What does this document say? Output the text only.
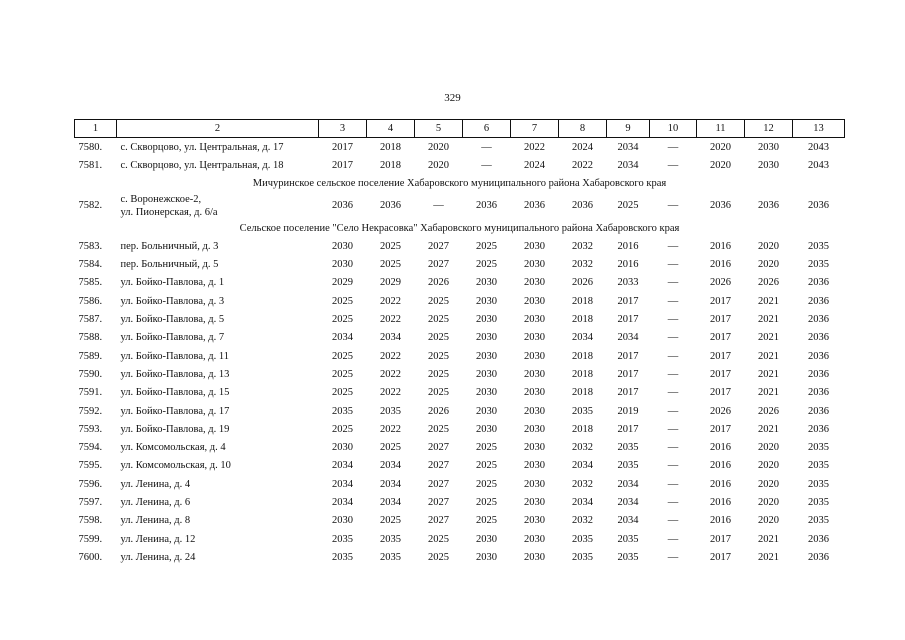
329
1	2	3	4	5	6	7	8	9	10	11	12	13
7580.	с. Скворцово, ул. Центральная, д. 17	2017	2018	2020	—	2022	2024	2034	—	2020	2030	2043
7581.	с. Скворцово, ул. Центральная, д. 18	2017	2018	2020	—	2024	2022	2034	—	2020	2030	2043
Мичуринское сельское поселение Хабаровского муниципального района Хабаровского края												
7582.	с. Воронежское-2,
ул. Пионерская, д. 6/а	2036	2036	—	2036	2036	2036	2025	—	2036	2036	2036
Сельское поселение "Село Некрасовка" Хабаровского муниципального района Хабаровского края												
7583.	пер. Больничный, д. 3	2030	2025	2027	2025	2030	2032	2016	—	2016	2020	2035
7584.	пер. Больничный, д. 5	2030	2025	2027	2025	2030	2032	2016	—	2016	2020	2035
7585.	ул. Бойко-Павлова, д. 1	2029	2029	2026	2030	2030	2026	2033	—	2026	2026	2036
7586.	ул. Бойко-Павлова, д. 3	2025	2022	2025	2030	2030	2018	2017	—	2017	2021	2036
7587.	ул. Бойко-Павлова, д. 5	2025	2022	2025	2030	2030	2018	2017	—	2017	2021	2036
7588.	ул. Бойко-Павлова, д. 7	2034	2034	2025	2030	2030	2034	2034	—	2017	2021	2036
7589.	ул. Бойко-Павлова, д. 11	2025	2022	2025	2030	2030	2018	2017	—	2017	2021	2036
7590.	ул. Бойко-Павлова, д. 13	2025	2022	2025	2030	2030	2018	2017	—	2017	2021	2036
7591.	ул. Бойко-Павлова, д. 15	2025	2022	2025	2030	2030	2018	2017	—	2017	2021	2036
7592.	ул. Бойко-Павлова, д. 17	2035	2035	2026	2030	2030	2035	2019	—	2026	2026	2036
7593.	ул. Бойко-Павлова, д. 19	2025	2022	2025	2030	2030	2018	2017	—	2017	2021	2036
7594.	ул. Комсомольская, д. 4	2030	2025	2027	2025	2030	2032	2035	—	2016	2020	2035
7595.	ул. Комсомольская, д. 10	2034	2034	2027	2025	2030	2034	2035	—	2016	2020	2035
7596.	ул. Ленина, д. 4	2034	2034	2027	2025	2030	2032	2034	—	2016	2020	2035
7597.	ул. Ленина, д. 6	2034	2034	2027	2025	2030	2034	2034	—	2016	2020	2035
7598.	ул. Ленина, д. 8	2030	2025	2027	2025	2030	2032	2034	—	2016	2020	2035
7599.	ул. Ленина, д. 12	2035	2035	2025	2030	2030	2035	2035	—	2017	2021	2036
7600.	ул. Ленина, д. 24	2035	2035	2025	2030	2030	2035	2035	—	2017	2021	2036
